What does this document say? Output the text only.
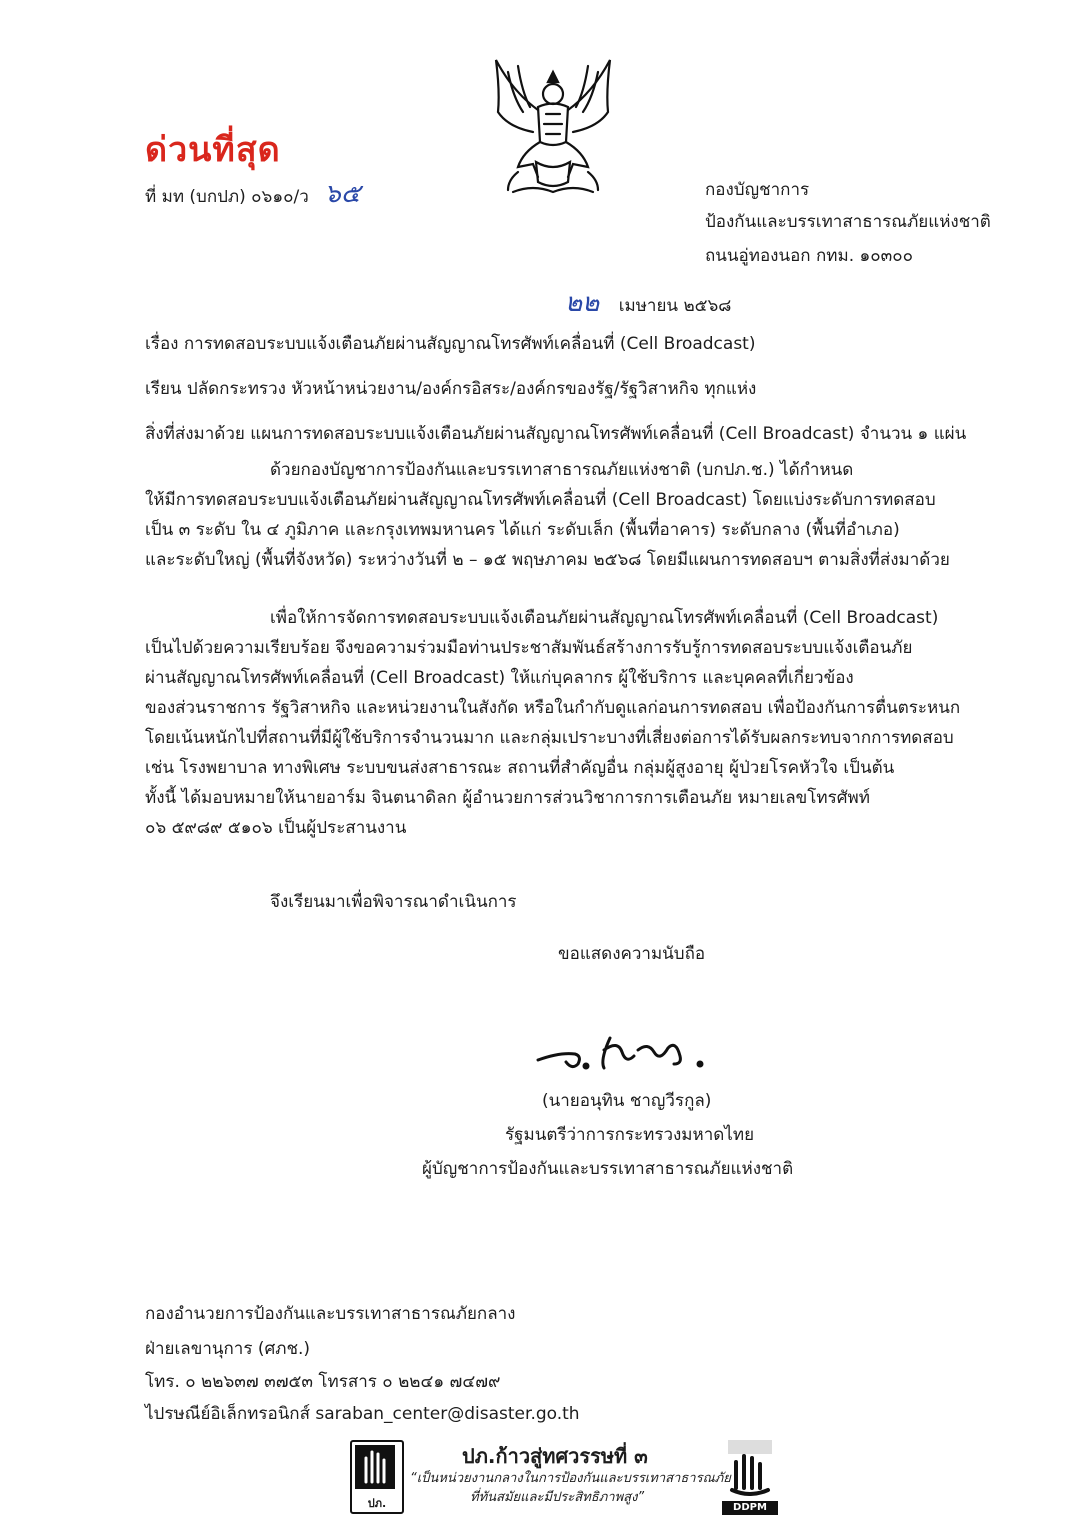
ด่วนที่สุด
ที่ มท (บกปภ) ๐๖๑๐/ว ๖๕	กองบัญชาการ
ป้องกันและบรรเทาสาธารณภัยแห่งชาติ
ถนนอู่ทองนอก กทม. ๑๐๓๐๐
๒๒ เมษายน ๒๕๖๘
เรื่อง การทดสอบระบบแจ้งเตือนภัยผ่านสัญญาณโทรศัพท์เคลื่อนที่ (Cell Broadcast)
เรียน ปลัดกระทรวง หัวหน้าหน่วยงาน/องค์กรอิสระ/องค์กรของรัฐ/รัฐวิสาหกิจ ทุกแห่ง
สิ่งที่ส่งมาด้วย แผนการทดสอบระบบแจ้งเตือนภัยผ่านสัญญาณโทรศัพท์เคลื่อนที่ (Cell Broadcast) จำนวน ๑ แผ่น
ด้วยกองบัญชาการป้องกันและบรรเทาสาธารณภัยแห่งชาติ (บกปภ.ช.) ได้กำหนด
ให้มีการทดสอบระบบแจ้งเตือนภัยผ่านสัญญาณโทรศัพท์เคลื่อนที่ (Cell Broadcast) โดยแบ่งระดับการทดสอบ
เป็น ๓ ระดับ ใน ๔ ภูมิภาค และกรุงเทพมหานคร ได้แก่ ระดับเล็ก (พื้นที่อาคาร) ระดับกลาง (พื้นที่อำเภอ)
และระดับใหญ่ (พื้นที่จังหวัด) ระหว่างวันที่ ๒ – ๑๕ พฤษภาคม ๒๕๖๘ โดยมีแผนการทดสอบฯ ตามสิ่งที่ส่งมาด้วย
เพื่อให้การจัดการทดสอบระบบแจ้งเตือนภัยผ่านสัญญาณโทรศัพท์เคลื่อนที่ (Cell Broadcast)
เป็นไปด้วยความเรียบร้อย จึงขอความร่วมมือท่านประชาสัมพันธ์สร้างการรับรู้การทดสอบระบบแจ้งเตือนภัย
ผ่านสัญญาณโทรศัพท์เคลื่อนที่ (Cell Broadcast) ให้แก่บุคลากร ผู้ใช้บริการ และบุคคลที่เกี่ยวข้อง
ของส่วนราชการ รัฐวิสาหกิจ และหน่วยงานในสังกัด หรือในกำกับดูแลก่อนการทดสอบ เพื่อป้องกันการตื่นตระหนก
โดยเน้นหนักไปที่สถานที่มีผู้ใช้บริการจำนวนมาก และกลุ่มเปราะบางที่เสี่ยงต่อการได้รับผลกระทบจากการทดสอบ
เช่น โรงพยาบาล ทางพิเศษ ระบบขนส่งสาธารณะ สถานที่สำคัญอื่น กลุ่มผู้สูงอายุ ผู้ป่วยโรคหัวใจ เป็นต้น
ทั้งนี้ ได้มอบหมายให้นายอาร์ม จินตนาดิลก ผู้อำนวยการส่วนวิชาการการเตือนภัย หมายเลขโทรศัพท์
๐๖ ๕๙๘๙ ๕๑๐๖ เป็นผู้ประสานงาน
จึงเรียนมาเพื่อพิจารณาดำเนินการ
ขอแสดงความนับถือ
(นายอนุทิน ชาญวีรกูล)
รัฐมนตรีว่าการกระทรวงมหาดไทย
ผู้บัญชาการป้องกันและบรรเทาสาธารณภัยแห่งชาติ
กองอำนวยการป้องกันและบรรเทาสาธารณภัยกลาง
ฝ่ายเลขานุการ (ศภช.)
โทร. ๐ ๒๒๖๓๗ ๓๗๕๓ โทรสาร ๐ ๒๒๔๑ ๗๔๗๙
ไปรษณีย์อิเล็กทรอนิกส์ saraban_center@disaster.go.th
ปภ.
ปภ.ก้าวสู่ทศวรรษที่ ๓
“เป็นหน่วยงานกลางในการป้องกันและบรรเทาสาธารณภัย
ที่ทันสมัยและมีประสิทธิภาพสูง”
DDPM
